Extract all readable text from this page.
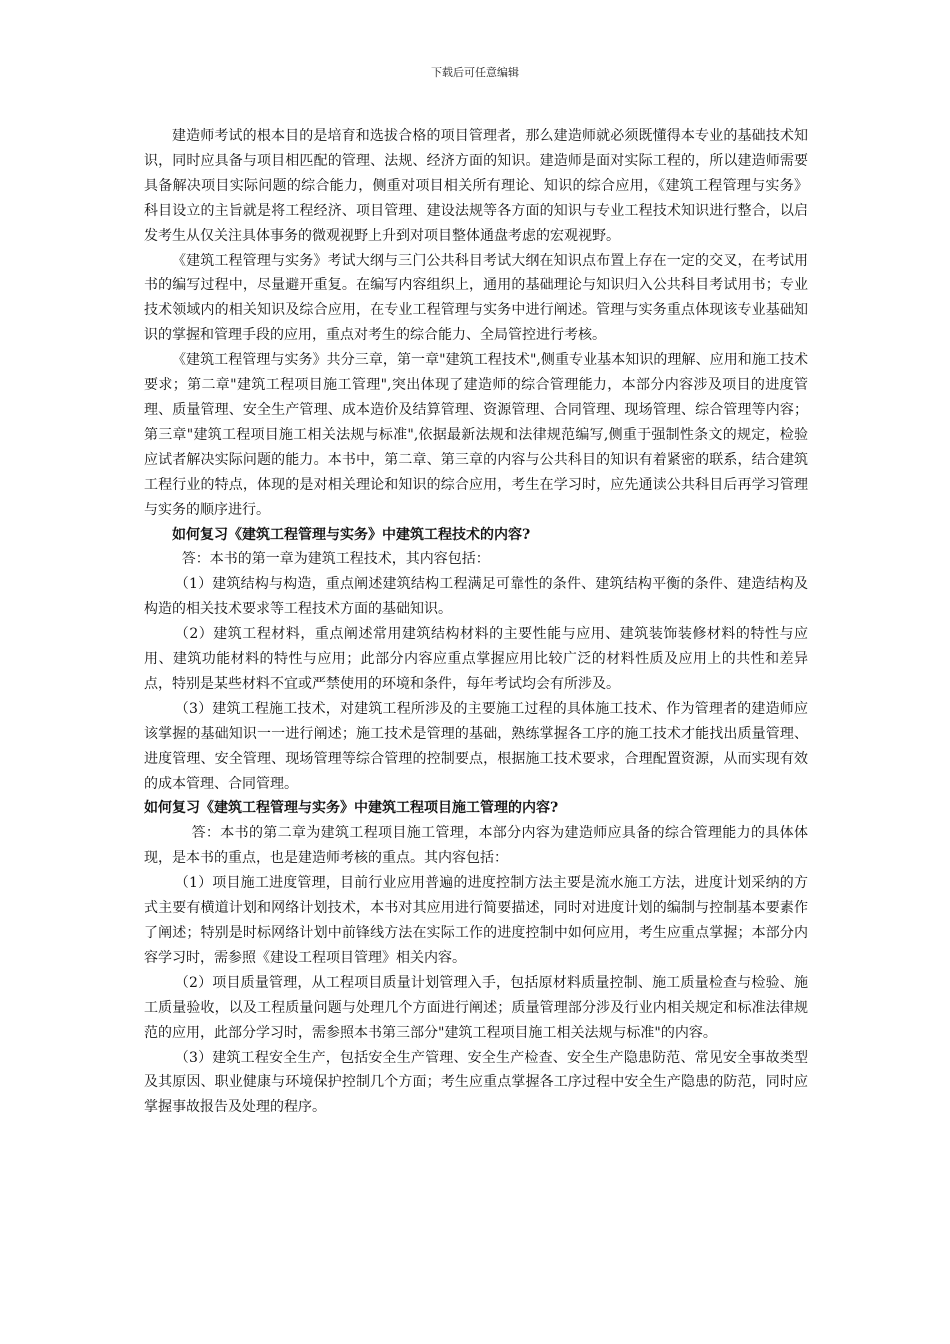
下载后可任意编辑

建造师考试的根本目的是培育和选拔合格的项目管理者，那么建造师就必须既懂得本专业的基础技术知识，同时应具备与项目相匹配的管理、法规、经济方面的知识。建造师是面对实际工程的，所以建造师需要具备解决项目实际问题的综合能力，侧重对项目相关所有理论、知识的综合应用，《建筑工程管理与实务》科目设立的主旨就是将工程经济、项目管理、建设法规等各方面的知识与专业工程技术知识进行整合，以启发考生从仅关注具体事务的微观视野上升到对项目整体通盘考虑的宏观视野。

《建筑工程管理与实务》考试大纲与三门公共科目考试大纲在知识点布置上存在一定的交叉，在考试用书的编写过程中，尽量避开重复。在编写内容组织上，通用的基础理论与知识归入公共科目考试用书；专业技术领域内的相关知识及综合应用，在专业工程管理与实务中进行阐述。管理与实务重点体现该专业基础知识的掌握和管理手段的应用，重点对考生的综合能力、全局管控进行考核。

《建筑工程管理与实务》共分三章，第一章"建筑工程技术",侧重专业基本知识的理解、应用和施工技术要求；第二章"建筑工程项目施工管理",突出体现了建造师的综合管理能力，本部分内容涉及项目的进度管理、质量管理、安全生产管理、成本造价及结算管理、资源管理、合同管理、现场管理、综合管理等内容；第三章"建筑工程项目施工相关法规与标准",依据最新法规和法律规范编写,侧重于强制性条文的规定，检验应试者解决实际问题的能力。本书中，第二章、第三章的内容与公共科目的知识有着紧密的联系，结合建筑工程行业的特点，体现的是对相关理论和知识的综合应用，考生在学习时，应先通读公共科目后再学习管理与实务的顺序进行。

如何复习《建筑工程管理与实务》中建筑工程技术的内容?

答：本书的第一章为建筑工程技术，其内容包括：

（1）建筑结构与构造，重点阐述建筑结构工程满足可靠性的条件、建筑结构平衡的条件、建造结构及构造的相关技术要求等工程技术方面的基础知识。

（2）建筑工程材料，重点阐述常用建筑结构材料的主要性能与应用、建筑装饰装修材料的特性与应用、建筑功能材料的特性与应用；此部分内容应重点掌握应用比较广泛的材料性质及应用上的共性和差异点，特别是某些材料不宜或严禁使用的环境和条件，每年考试均会有所涉及。

（3）建筑工程施工技术，对建筑工程所涉及的主要施工过程的具体施工技术、作为管理者的建造师应该掌握的基础知识一一进行阐述；施工技术是管理的基础，熟练掌握各工序的施工技术才能找出质量管理、进度管理、安全管理、现场管理等综合管理的控制要点，根据施工技术要求，合理配置资源，从而实现有效的成本管理、合同管理。

如何复习《建筑工程管理与实务》中建筑工程项目施工管理的内容?

答：本书的第二章为建筑工程项目施工管理，本部分内容为建造师应具备的综合管理能力的具体体现，是本书的重点，也是建造师考核的重点。其内容包括：

（1）项目施工进度管理，目前行业应用普遍的进度控制方法主要是流水施工方法，进度计划采纳的方式主要有横道计划和网络计划技术，本书对其应用进行简要描述，同时对进度计划的编制与控制基本要素作了阐述；特别是时标网络计划中前锋线方法在实际工作的进度控制中如何应用，考生应重点掌握；本部分内容学习时，需参照《建设工程项目管理》相关内容。

（2）项目质量管理，从工程项目质量计划管理入手，包括原材料质量控制、施工质量检查与检验、施工质量验收，以及工程质量问题与处理几个方面进行阐述；质量管理部分涉及行业内相关规定和标准法律规范的应用，此部分学习时，需参照本书第三部分"建筑工程项目施工相关法规与标准"的内容。

（3）建筑工程安全生产，包括安全生产管理、安全生产检查、安全生产隐患防范、常见安全事故类型及其原因、职业健康与环境保护控制几个方面；考生应重点掌握各工序过程中安全生产隐患的防范，同时应掌握事故报告及处理的程序。
